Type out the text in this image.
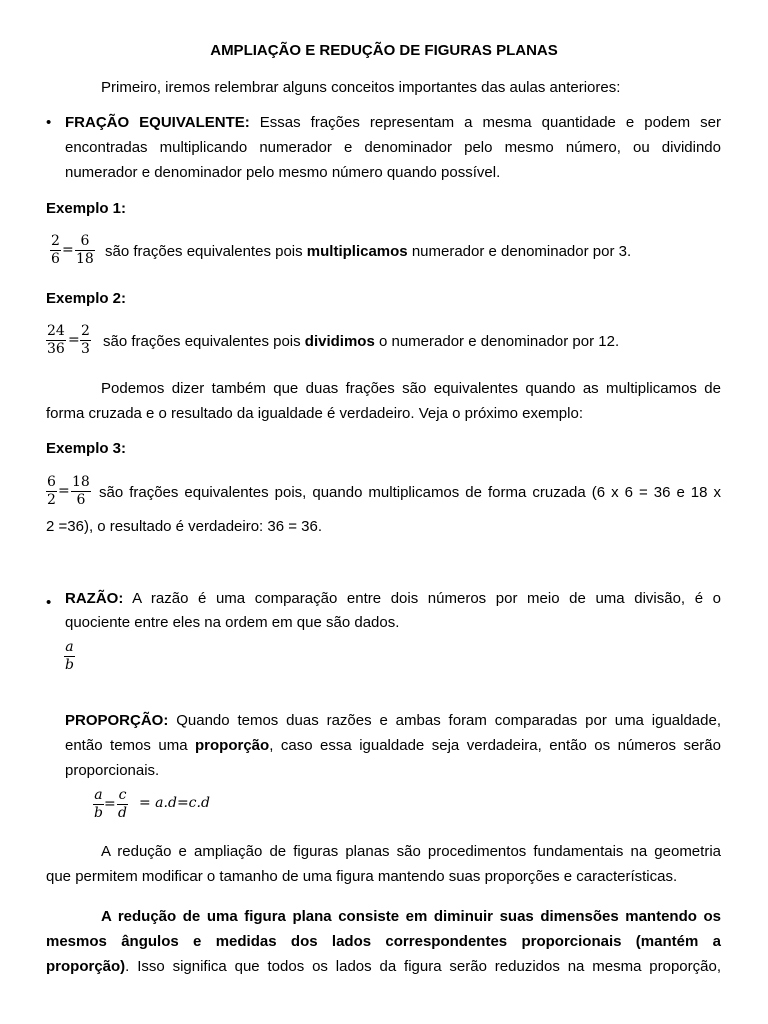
AMPLIAÇÃO E REDUÇÃO DE FIGURAS PLANAS
Primeiro, iremos relembrar alguns conceitos importantes das aulas anteriores:
• FRAÇÃO EQUIVALENTE: Essas frações representam a mesma quantidade e podem ser
encontradas multiplicando numerador e denominador pelo mesmo número, ou dividindo
numerador e denominador pelo mesmo número quando possível.
Exemplo 1:
2
6
=
6
18 são frações equivalentes pois multiplicamos numerador e denominador por 3.
Exemplo 2:
24
36
=
2
3 são frações equivalentes pois dividimos o numerador e denominador por 12.
Podemos dizer também que duas frações são equivalentes quando as multiplicamos de
forma cruzada e o resultado da igualdade é verdadeiro. Veja o próximo exemplo:
Exemplo 3:
6
2
=
18
6 são frações equivalentes pois, quando multiplicamos de forma cruzada (6 x 6 = 36 e 18 x
2 =36), o resultado é verdadeiro: 36 = 36.
• RAZÃO: A razão é uma comparação entre dois números por meio de uma divisão, é o
quociente entre eles na ordem em que são dados.
a
b
PROPORÇÃO: Quando temos duas razões e ambas foram comparadas por uma igualdade,
então temos uma proporção, caso essa igualdade seja verdadeira, então os números serão
proporcionais.
a
b
=
c
d
= a.d=c.d
A redução e ampliação de figuras planas são procedimentos fundamentais na geometria
que permitem modificar o tamanho de uma figura mantendo suas proporções e características.
A redução de uma figura plana consiste em diminuir suas dimensões mantendo os
mesmos ângulos e medidas dos lados correspondentes proporcionais (mantém a
proporção). Isso significa que todos os lados da figura serão reduzidos na mesma proporção,
